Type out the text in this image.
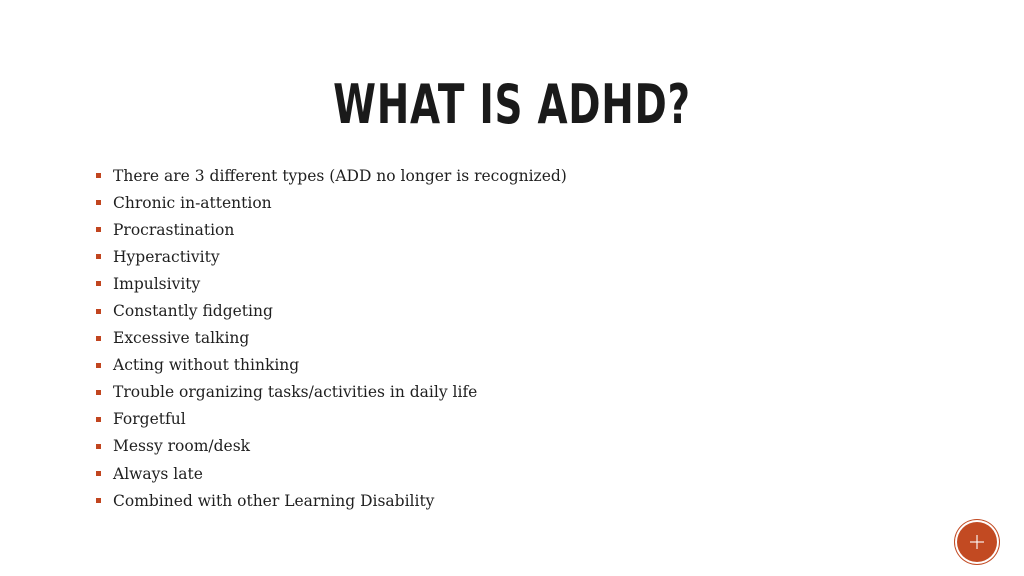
WHAT IS ADHD?
There are 3 different types (ADD no longer is recognized)
Chronic in-attention
Procrastination
Hyperactivity
Impulsivity
Constantly fidgeting
Excessive talking
Acting without thinking
Trouble organizing tasks/activities in daily life
Forgetful
Messy room/desk
Always late
Combined with other Learning Disability
